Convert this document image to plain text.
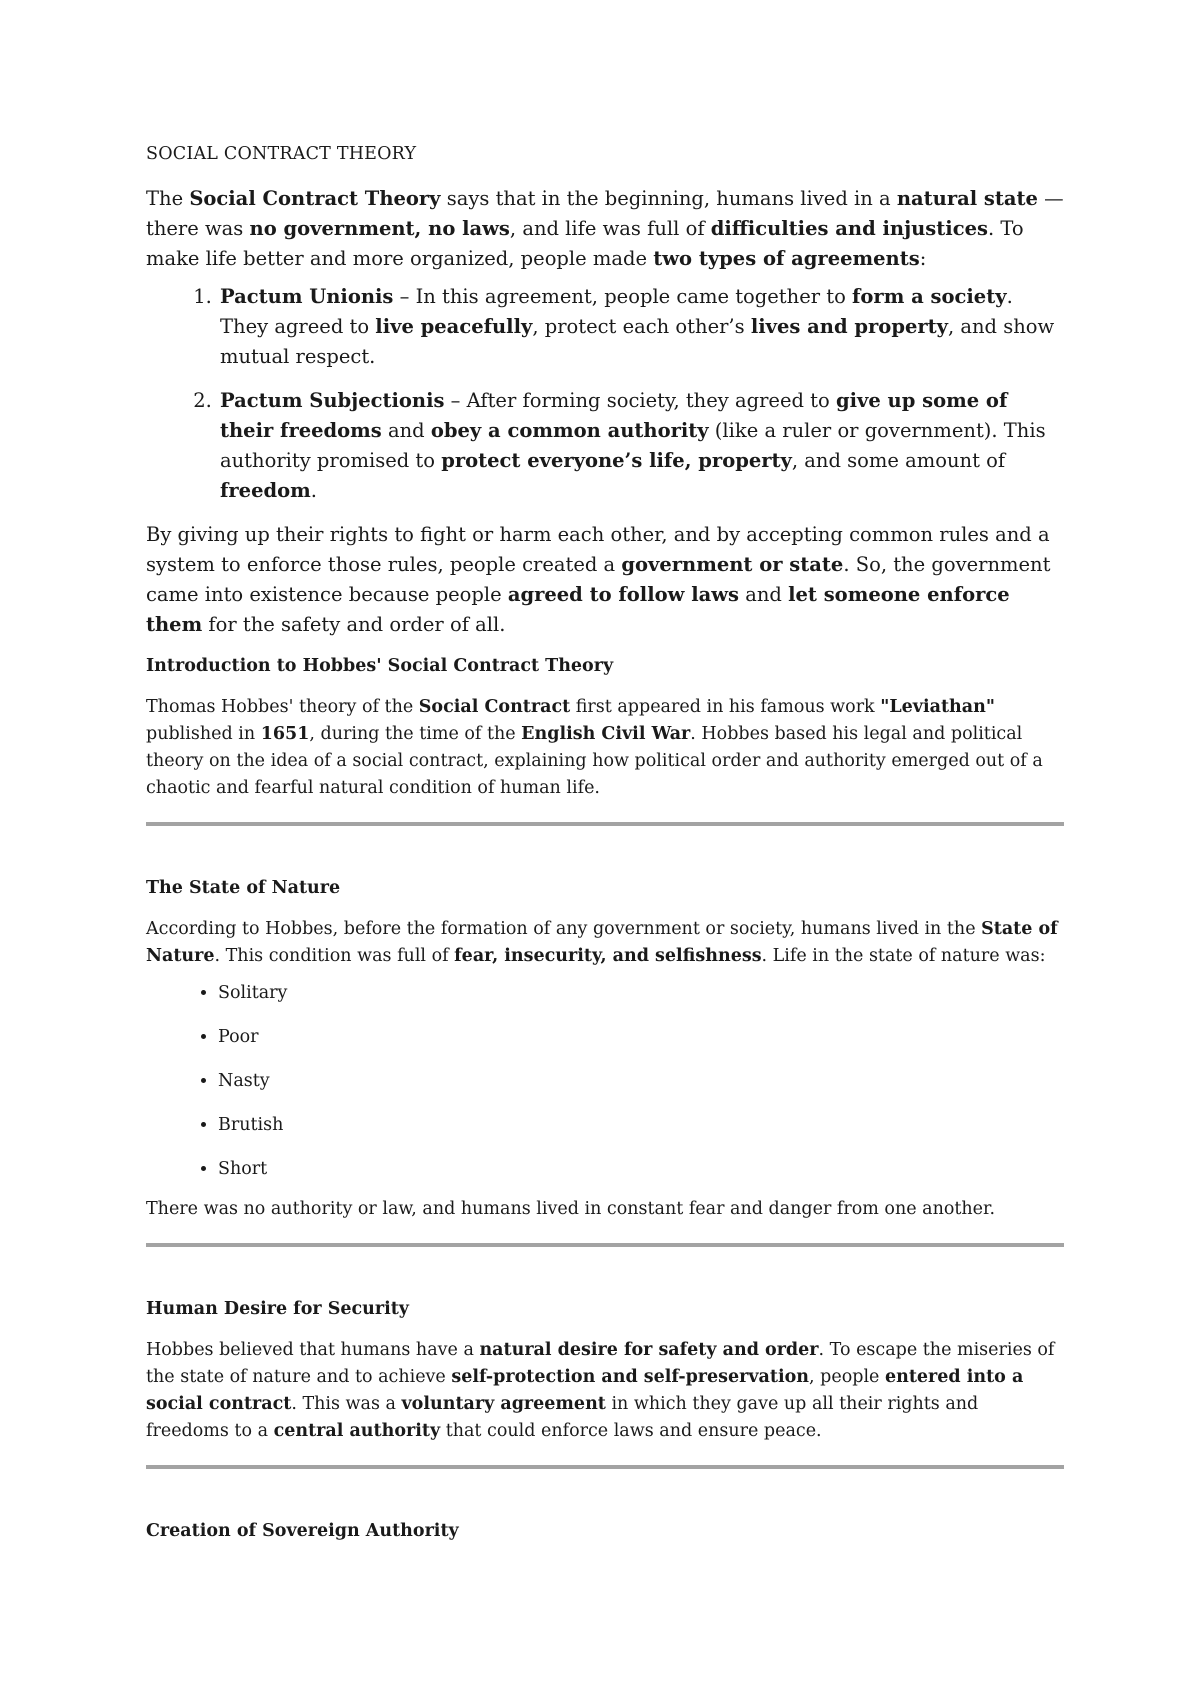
SOCIAL CONTRACT THEORY

The Social Contract Theory says that in the beginning, humans lived in a natural state — there was no government, no laws, and life was full of difficulties and injustices. To make life better and more organized, people made two types of agreements:

1. Pactum Unionis – In this agreement, people came together to form a society. They agreed to live peacefully, protect each other’s lives and property, and show mutual respect.
2. Pactum Subjectionis – After forming society, they agreed to give up some of their freedoms and obey a common authority (like a ruler or government). This authority promised to protect everyone’s life, property, and some amount of freedom.

By giving up their rights to fight or harm each other, and by accepting common rules and a system to enforce those rules, people created a government or state. So, the government came into existence because people agreed to follow laws and let someone enforce them for the safety and order of all.

Introduction to Hobbes' Social Contract Theory

Thomas Hobbes' theory of the Social Contract first appeared in his famous work "Leviathan" published in 1651, during the time of the English Civil War. Hobbes based his legal and political theory on the idea of a social contract, explaining how political order and authority emerged out of a chaotic and fearful natural condition of human life.

The State of Nature

According to Hobbes, before the formation of any government or society, humans lived in the State of Nature. This condition was full of fear, insecurity, and selfishness. Life in the state of nature was:

• Solitary
• Poor
• Nasty
• Brutish
• Short

There was no authority or law, and humans lived in constant fear and danger from one another.

Human Desire for Security

Hobbes believed that humans have a natural desire for safety and order. To escape the miseries of the state of nature and to achieve self-protection and self-preservation, people entered into a social contract. This was a voluntary agreement in which they gave up all their rights and freedoms to a central authority that could enforce laws and ensure peace.

Creation of Sovereign Authority
